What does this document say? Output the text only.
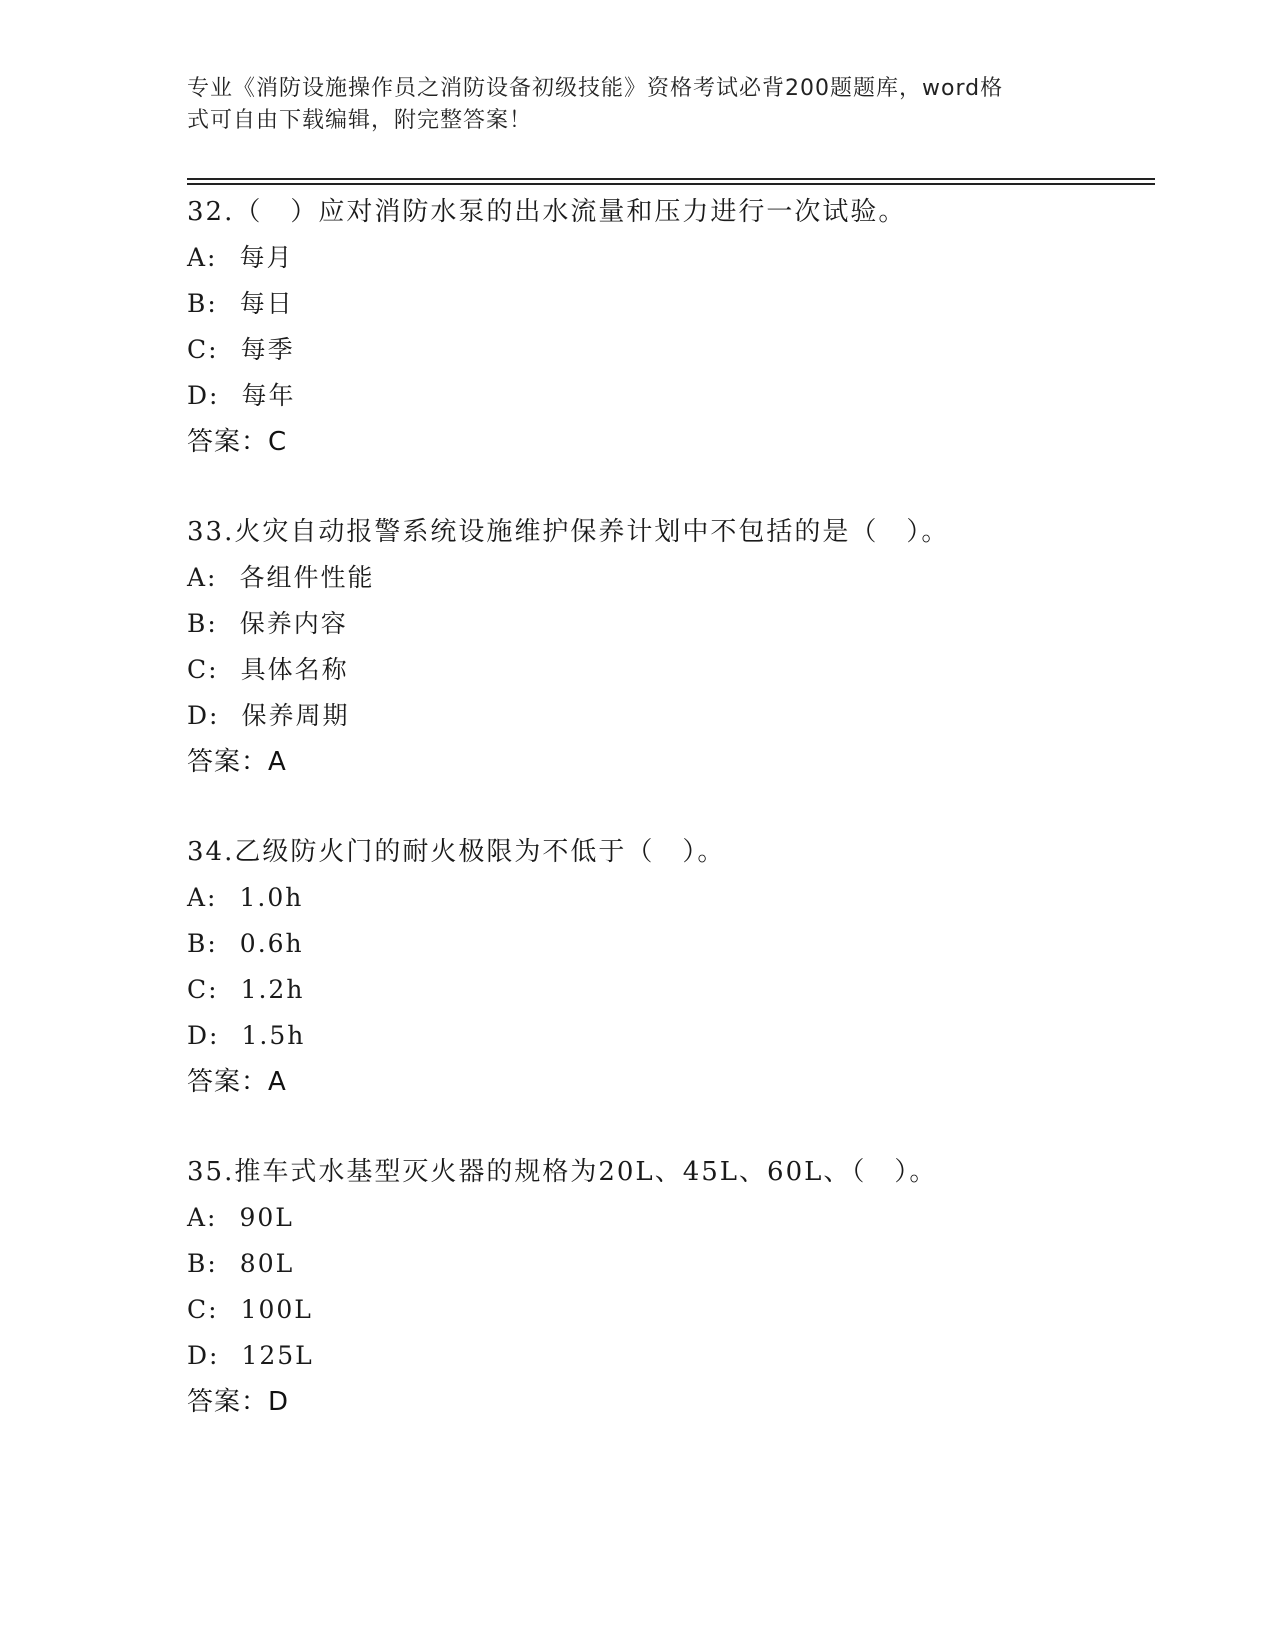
专业《消防设施操作员之消防设备初级技能》资格考试必背200题题库，word格
式可自由下载编辑，附完整答案！
32.（　）应对消防水泵的出水流量和压力进行一次试验。
A: 每月
B: 每日
C: 每季
D: 每年
答案：C
33.火灾自动报警系统设施维护保养计划中不包括的是（　）。
A: 各组件性能
B: 保养内容
C: 具体名称
D: 保养周期
答案：A
34.乙级防火门的耐火极限为不低于（　）。
A: 1.0h
B: 0.6h
C: 1.2h
D: 1.5h
答案：A
35.推车式水基型灭火器的规格为20L、45L、60L、（　）。
A: 90L
B: 80L
C: 100L
D: 125L
答案：D
